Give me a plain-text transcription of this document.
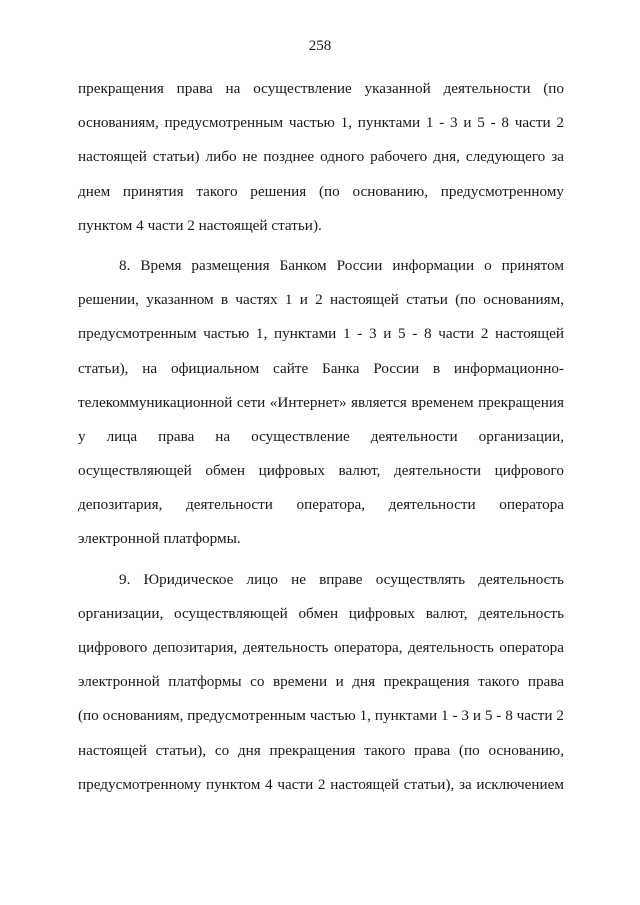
258
прекращения права на осуществление указанной деятельности (по
основаниям, предусмотренным частью 1, пунктами 1 - 3 и 5 - 8 части 2
настоящей статьи) либо не позднее одного рабочего дня, следующего за
днем принятия такого решения (по основанию, предусмотренному
пунктом 4 части 2 настоящей статьи).
8. Время размещения Банком России информации о принятом
решении, указанном в частях 1 и 2 настоящей статьи (по основаниям,
предусмотренным частью 1, пунктами 1 - 3 и 5 - 8 части 2 настоящей
статьи), на официальном сайте Банка России в информационно-
телекоммуникационной сети «Интернет» является временем прекращения
у лица права на осуществление деятельности организации,
осуществляющей обмен цифровых валют, деятельности цифрового
депозитария, деятельности оператора, деятельности оператора
электронной платформы.
9. Юридическое лицо не вправе осуществлять деятельность
организации, осуществляющей обмен цифровых валют, деятельность
цифрового депозитария, деятельность оператора, деятельность оператора
электронной платформы со времени и дня прекращения такого права
(по основаниям, предусмотренным частью 1, пунктами 1 - 3 и 5 - 8 части 2
настоящей статьи), со дня прекращения такого права (по основанию,
предусмотренному пунктом 4 части 2 настоящей статьи), за исключением
